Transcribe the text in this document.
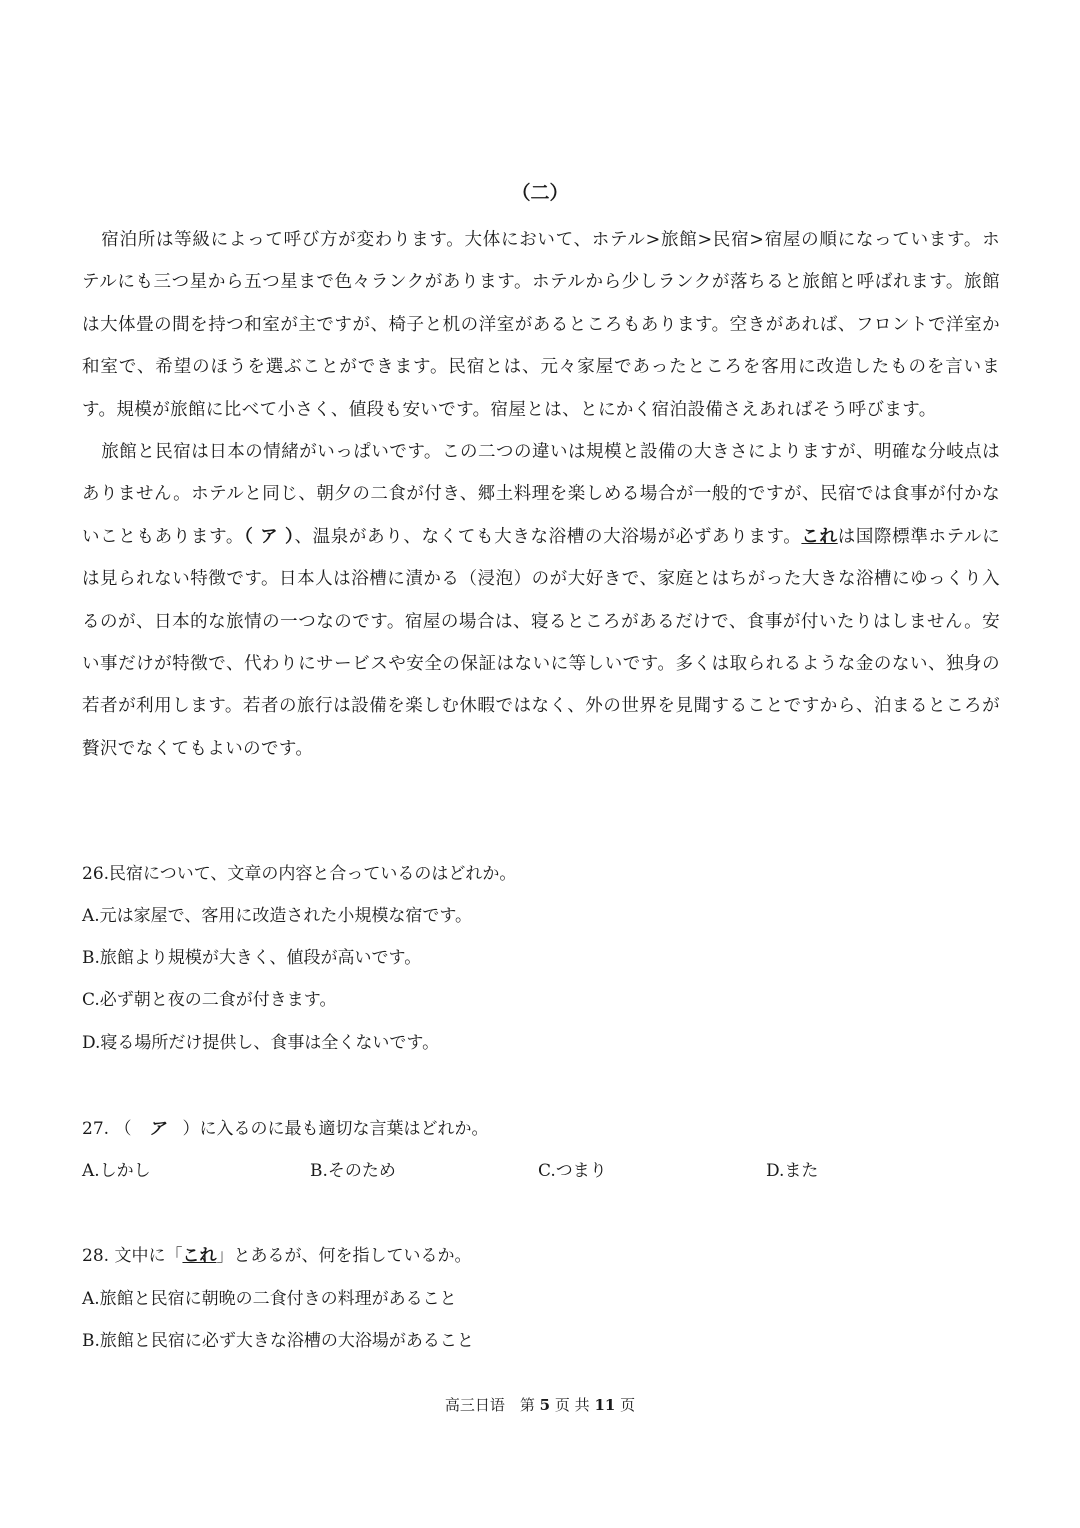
（二）

宿泊所は等級によって呼び方が変わります。大体において、ホテル>旅館>民宿>宿屋の順になっています。ホテルにも三つ星から五つ星まで色々ランクがあります。ホテルから少しランクが落ちると旅館と呼ばれます。旅館は大体畳の間を持つ和室が主ですが、椅子と机の洋室があるところもあります。空きがあれば、フロントで洋室か和室で、希望のほうを選ぶことができます。民宿とは、元々家屋であったところを客用に改造したものを言います。規模が旅館に比べて小さく、値段も安いです。宿屋とは、とにかく宿泊設備さえあればそう呼びます。

旅館と民宿は日本の情緒がいっぱいです。この二つの違いは規模と設備の大きさによりますが、明確な分岐点はありません。ホテルと同じ、朝夕の二食が付き、郷土料理を楽しめる場合が一般的ですが、民宿では食事が付かないこともあります。（ ア ）、温泉があり、なくても大きな浴槽の大浴場が必ずあります。これは国際標準ホテルには見られない特徴です。日本人は浴槽に漬かる（浸泡）のが大好きで、家庭とはちがった大きな浴槽にゆっくり入るのが、日本的な旅情の一つなのです。宿屋の場合は、寝るところがあるだけで、食事が付いたりはしません。安い事だけが特徴で、代わりにサービスや安全の保証はないに等しいです。多くは取られるような金のない、独身の若者が利用します。若者の旅行は設備を楽しむ休暇ではなく、外の世界を見聞することですから、泊まるところが贅沢でなくてもよいのです。

26.民宿について、文章の内容と合っているのはどれか。
A.元は家屋で、客用に改造された小規模な宿です。
B.旅館より規模が大きく、値段が高いです。
C.必ず朝と夜の二食が付きます。
D.寝る場所だけ提供し、食事は全くないです。
27. （　ア　）に入るのに最も適切な言葉はどれか。
A.しかし	B.そのため	C.つまり	D.また
28. 文中に「これ」とあるが、何を指しているか。
A.旅館と民宿に朝晩の二食付きの料理があること
B.旅館と民宿に必ず大きな浴槽の大浴場があること
高三日语　第 5 页 共 11 页
